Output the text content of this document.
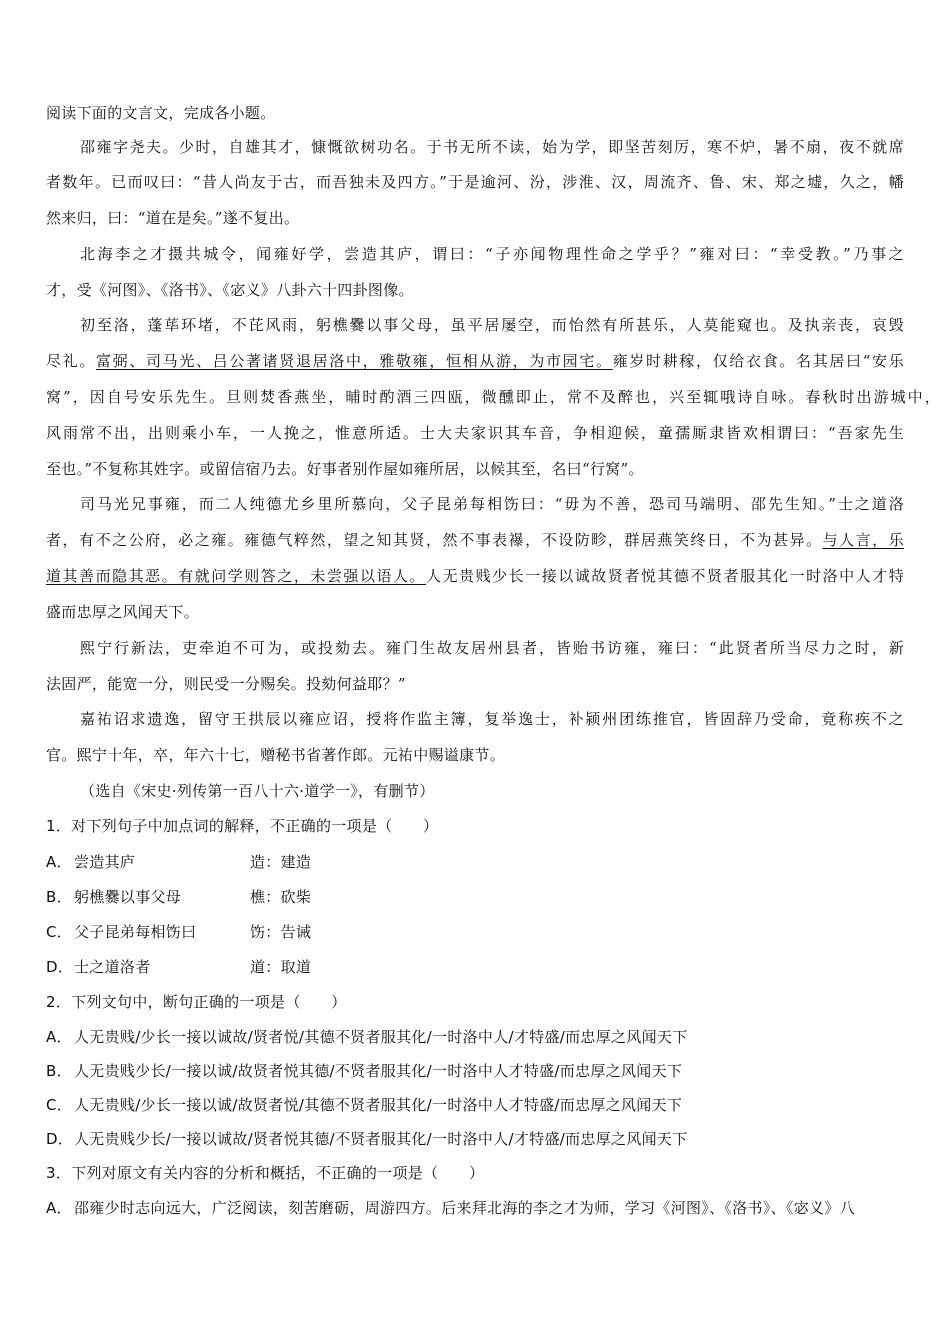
阅读下面的文言文，完成各小题。
邵雍字尧夫。少时，自雄其才，慷慨欲树功名。于书无所不读，始为学，即坚苦刻厉，寒不炉，暑不扇，夜不就席
者数年。已而叹曰：“昔人尚友于古，而吾独未及四方。”于是逾河、汾，涉淮、汉，周流齐、鲁、宋、郑之墟，久之，幡
然来归，曰：“道在是矣。”遂不复出。
北海李之才摄共城令，闻雍好学，尝造其庐，谓曰：“子亦闻物理性命之学乎？”雍对曰：“幸受教。”乃事之
才，受《河图》、《洛书》、《宓义》八卦六十四卦图像。
初至洛，蓬荜环堵，不芘风雨，躬樵爨以事父母，虽平居屡空，而怡然有所甚乐，人莫能窥也。及执亲丧，哀毁
尽礼。富弼、司马光、吕公著诸贤退居洛中，雅敬雍，恒相从游，为市园宅。雍岁时耕稼，仅给衣食。名其居曰“安乐
窝”，因自号安乐先生。旦则焚香燕坐，晡时酌酒三四瓯，微醺即止，常不及醉也，兴至辄哦诗自咏。春秋时出游城中，
风雨常不出，出则乘小车，一人挽之，惟意所适。士大夫家识其车音，争相迎候，童孺厮隶皆欢相谓曰：“吾家先生
至也。”不复称其姓字。或留信宿乃去。好事者别作屋如雍所居，以候其至，名曰“行窝”。
司马光兄事雍，而二人纯德尤乡里所慕向，父子昆弟每相饬曰：“毋为不善，恐司马端明、邵先生知。”士之道洛
者，有不之公府，必之雍。雍德气粹然，望之知其贤，然不事表襮，不设防畛，群居燕笑终日，不为甚异。与人言，乐
道其善而隐其恶。有就问学则答之，未尝强以语人。人无贵贱少长一接以诚故贤者悦其德不贤者服其化一时洛中人才特
盛而忠厚之风闻天下。
熙宁行新法，吏牵迫不可为，或投劾去。雍门生故友居州县者，皆贻书访雍，雍曰：“此贤者所当尽力之时，新
法固严，能宽一分，则民受一分赐矣。投劾何益耶？”
嘉祐诏求遗逸，留守王拱辰以雍应诏，授将作监主簿，复举逸士，补颍州团练推官，皆固辞乃受命，竟称疾不之
官。熙宁十年，卒，年六十七，赠秘书省著作郎。元祐中赐谥康节。
（选自《宋史·列传第一百八十六·道学一》，有删节）
1．对下列句子中加点词的解释，不正确的一项是（　　）
A． 尝造其庐	造：建造
B． 躬樵爨以事父母	樵：砍柴
C． 父子昆弟每相饬曰	饬：告诫
D．士之道洛者	道：取道
2．下列文句中，断句正确的一项是（　　）
A． 人无贵贱/少长一接以诚故/贤者悦/其德不贤者服其化/一时洛中人/才特盛/而忠厚之风闻天下
B． 人无贵贱少长/一接以诚/故贤者悦其德/不贤者服其化/一时洛中人才特盛/而忠厚之风闻天下
C． 人无贵贱/少长一接以诚/故贤者悦/其德不贤者服其化/一时洛中人才特盛/而忠厚之风闻天下
D．人无贵贱少长/一接以诚故/贤者悦其德/不贤者服其化/一时洛中人/才特盛/而忠厚之风闻天下
3．下列对原文有关内容的分析和概括，不正确的一项是（　　）
A． 邵雍少时志向远大，广泛阅读，刻苦磨砺，周游四方。后来拜北海的李之才为师，学习《河图》、《洛书》、《宓义》八
